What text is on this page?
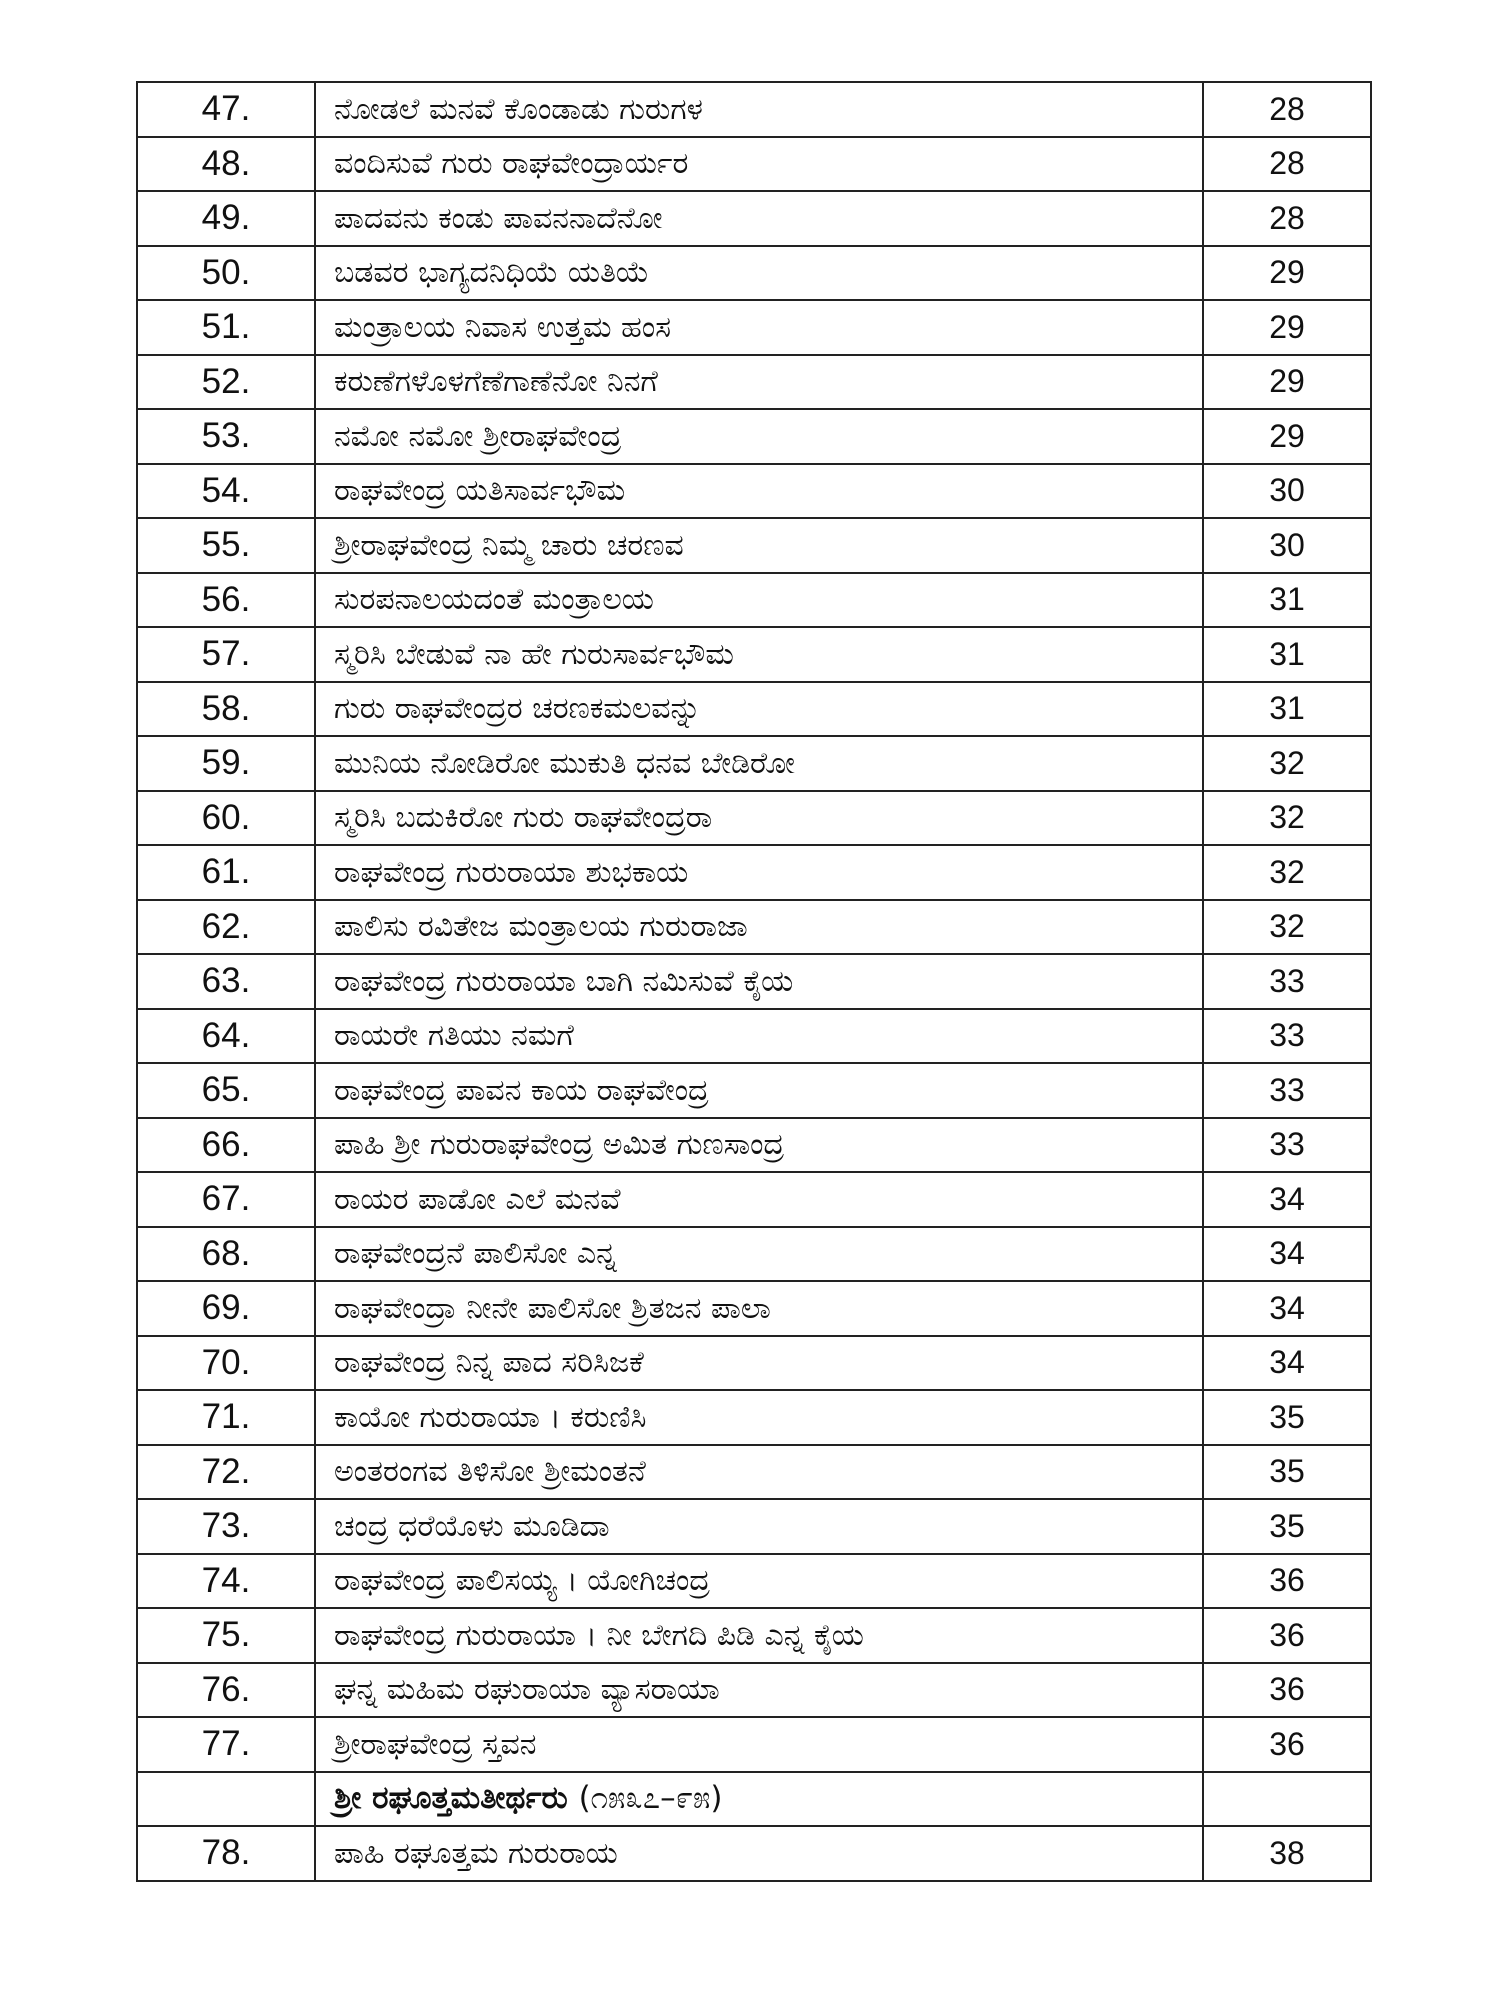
47.	ನೋಡಲೆ ಮನವೆ ಕೊಂಡಾಡು ಗುರುಗಳ	28
48.	ವಂದಿಸುವೆ ಗುರು ರಾಘವೇಂದ್ರಾರ್ಯರ	28
49.	ಪಾದವನು ಕಂಡು ಪಾವನನಾದೆನೋ	28
50.	ಬಡವರ ಭಾಗ್ಯದನಿಧಿಯೆ ಯತಿಯೆ	29
51.	ಮಂತ್ರಾಲಯ ನಿವಾಸ ಉತ್ತಮ ಹಂಸ	29
52.	ಕರುಣೆಗಳೊಳಗೆಣೆಗಾಣೆನೋ ನಿನಗೆ	29
53.	ನಮೋ ನಮೋ ಶ್ರೀರಾಘವೇಂದ್ರ	29
54.	ರಾಘವೇಂದ್ರ ಯತಿಸಾರ್ವಭೌಮ	30
55.	ಶ್ರೀರಾಘವೇಂದ್ರ ನಿಮ್ಮ ಚಾರು ಚರಣವ	30
56.	ಸುರಪನಾಲಯದಂತೆ ಮಂತ್ರಾಲಯ	31
57.	ಸ್ಮರಿಸಿ ಬೇಡುವೆ ನಾ ಹೇ ಗುರುಸಾರ್ವಭೌಮ	31
58.	ಗುರು ರಾಘವೇಂದ್ರರ ಚರಣಕಮಲವನ್ನು	31
59.	ಮುನಿಯ ನೋಡಿರೋ ಮುಕುತಿ ಧನವ ಬೇಡಿರೋ	32
60.	ಸ್ಮರಿಸಿ ಬದುಕಿರೋ ಗುರು ರಾಘವೇಂದ್ರರಾ	32
61.	ರಾಘವೇಂದ್ರ ಗುರುರಾಯಾ ಶುಭಕಾಯ	32
62.	ಪಾಲಿಸು ರವಿತೇಜ ಮಂತ್ರಾಲಯ ಗುರುರಾಜಾ	32
63.	ರಾಘವೇಂದ್ರ ಗುರುರಾಯಾ ಬಾಗಿ ನಮಿಸುವೆ ಕೈಯ	33
64.	ರಾಯರೇ ಗತಿಯು ನಮಗೆ	33
65.	ರಾಘವೇಂದ್ರ ಪಾವನ ಕಾಯ ರಾಘವೇಂದ್ರ	33
66.	ಪಾಹಿ ಶ್ರೀ ಗುರುರಾಘವೇಂದ್ರ ಅಮಿತ ಗುಣಸಾಂದ್ರ	33
67.	ರಾಯರ ಪಾಡೋ ಎಲೆ ಮನವೆ	34
68.	ರಾಘವೇಂದ್ರನೆ ಪಾಲಿಸೋ ಎನ್ನ	34
69.	ರಾಘವೇಂದ್ರಾ ನೀನೇ ಪಾಲಿಸೋ ಶ್ರಿತಜನ ಪಾಲಾ	34
70.	ರಾಘವೇಂದ್ರ ನಿನ್ನ ಪಾದ ಸರಿಸಿಜಕೆ	34
71.	ಕಾಯೋ ಗುರುರಾಯಾ । ಕರುಣಿಸಿ	35
72.	ಅಂತರಂಗವ ತಿಳಿಸೋ ಶ್ರೀಮಂತನೆ	35
73.	ಚಂದ್ರ ಧರೆಯೊಳು ಮೂಡಿದಾ	35
74.	ರಾಘವೇಂದ್ರ ಪಾಲಿಸಯ್ಯ । ಯೋಗಿಚಂದ್ರ	36
75.	ರಾಘವೇಂದ್ರ ಗುರುರಾಯಾ । ನೀ ಬೇಗದಿ ಪಿಡಿ ಎನ್ನ ಕೈಯ	36
76.	ಘನ್ನ ಮಹಿಮ ರಘುರಾಯಾ ವ್ಯಾಸರಾಯಾ	36
77.	ಶ್ರೀರಾಘವೇಂದ್ರ ಸ್ತವನ	36
	ಶ್ರೀ ರಘೂತ್ತಮತೀರ್ಥರು (೧೫೩೭–೯೫)	
78.	ಪಾಹಿ ರಘೂತ್ತಮ ಗುರುರಾಯ	38
